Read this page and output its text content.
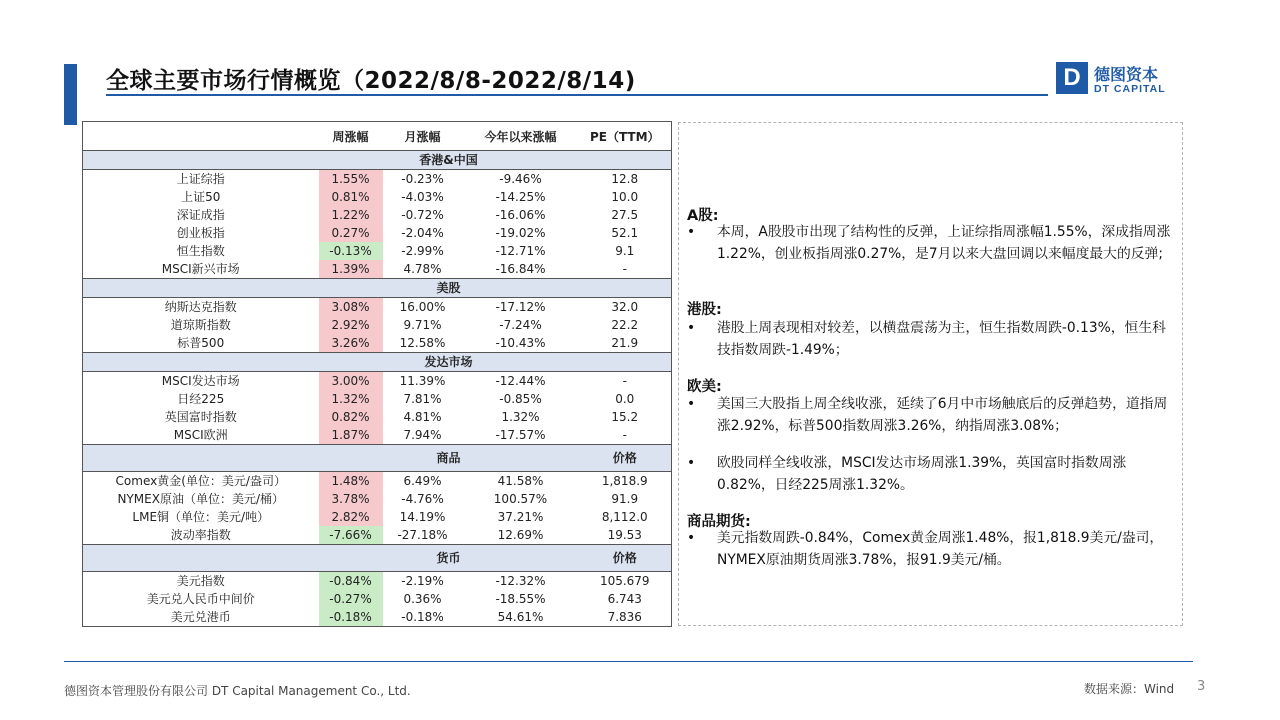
全球主要市场行情概览（2022/8/8-2022/8/14)	D 德图资本
DT CAPITAL
	周涨幅	月涨幅	今年以来涨幅	PE（TTM）
	香港&中国			
上证综指	1.55%	-0.23%	-9.46%	12.8
上证50	0.81%	-4.03%	-14.25%	10.0
深证成指	1.22%	-0.72%	-16.06%	27.5
创业板指	0.27%	-2.04%	-19.02%	52.1
恒生指数	-0.13%	-2.99%	-12.71%	9.1
MSCI新兴市场	1.39%	4.78%	-16.84%	-
	美股			
纳斯达克指数	3.08%	16.00%	-17.12%	32.0
道琼斯指数	2.92%	9.71%	-7.24%	22.2
标普500	3.26%	12.58%	-10.43%	21.9
	发达市场			
MSCI发达市场	3.00%	11.39%	-12.44%	-
日经225	1.32%	7.81%	-0.85%	0.0
英国富时指数	0.82%	4.81%	1.32%	15.2
MSCI欧洲	1.87%	7.94%	-17.57%	-
	商品			价格
Comex黄金(单位：美元/盎司）	1.48%	6.49%	41.58%	1,818.9
NYMEX原油（单位：美元/桶）	3.78%	-4.76%	100.57%	91.9
LME铜（单位：美元/吨）	2.82%	14.19%	37.21%	8,112.0
波动率指数	-7.66%	-27.18%	12.69%	19.53
	货币			价格
美元指数	-0.84%	-2.19%	-12.32%	105.679
美元兑人民币中间价	-0.27%	0.36%	-18.55%	6.743
美元兑港币	-0.18%	-0.18%	54.61%	7.836
A股:
• 本周，A股股市出现了结构性的反弹，上证综指周涨幅1.55%，深成指周涨1.22%，创业板指周涨0.27%，是7月以来大盘回调以来幅度最大的反弹;
港股:
• 港股上周表现相对较差，以横盘震荡为主，恒生指数周跌-0.13%，恒生科技指数周跌-1.49%；
欧美:
• 美国三大股指上周全线收涨，延续了6月中市场触底后的反弹趋势，道指周涨2.92%，标普500指数周涨3.26%，纳指周涨3.08%；
• 欧股同样全线收涨，MSCI发达市场周涨1.39%，英国富时指数周涨0.82%，日经225周涨1.32%。
商品期货:
• 美元指数周跌-0.84%，Comex黄金周涨1.48%，报1,818.9美元/盎司，NYMEX原油期货周涨3.78%，报91.9美元/桶。
德图资本管理股份有限公司 DT Capital Management Co., Ltd.	数据来源：Wind 3
